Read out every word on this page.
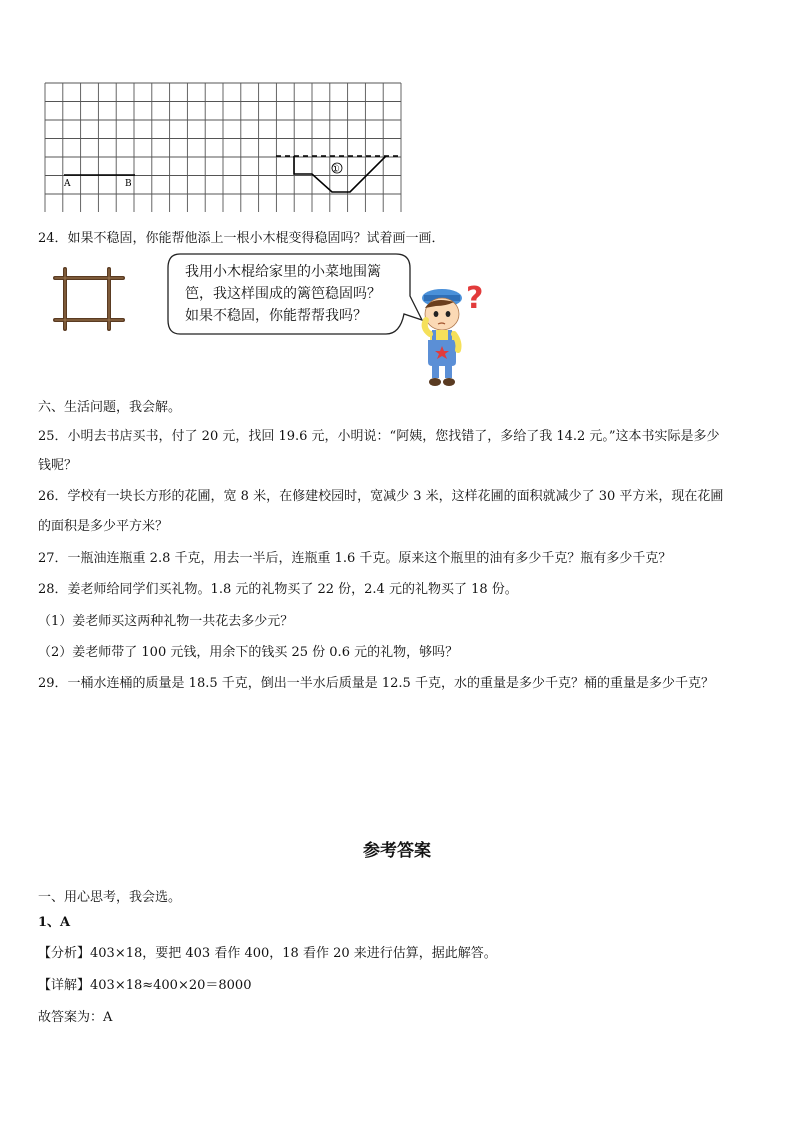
A	B
①
24．如果不稳固，你能帮他添上一根小木棍变得稳固吗？试着画一画．
我用小木棍给家里的小菜地围篱
笆，我这样围成的篱笆稳固吗？
如果不稳固，你能帮帮我吗？	?
六、生活问题，我会解。
25．小明去书店买书，付了 20 元，找回 19.6 元，小明说：“阿姨，您找错了，多给了我 14.2 元。”这本书实际是多少
钱呢？
26．学校有一块长方形的花圃，宽 8 米，在修建校园时，宽减少 3 米，这样花圃的面积就减少了 30 平方米，现在花圃
的面积是多少平方米？
27．一瓶油连瓶重 2.8 千克，用去一半后，连瓶重 1.6 千克。原来这个瓶里的油有多少千克？瓶有多少千克？
28．姜老师给同学们买礼物。1.8 元的礼物买了 22 份，2.4 元的礼物买了 18 份。
（1）姜老师买这两种礼物一共花去多少元？
（2）姜老师带了 100 元钱，用余下的钱买 25 份 0.6 元的礼物，够吗？
29．一桶水连桶的质量是 18.5 千克，倒出一半水后质量是 12.5 千克，水的重量是多少千克？桶的重量是多少千克？
参考答案
一、用心思考，我会选。
1、A
【分析】403×18，要把 403 看作 400，18 看作 20 来进行估算，据此解答。
【详解】403×18≈400×20＝8000
故答案为：A
